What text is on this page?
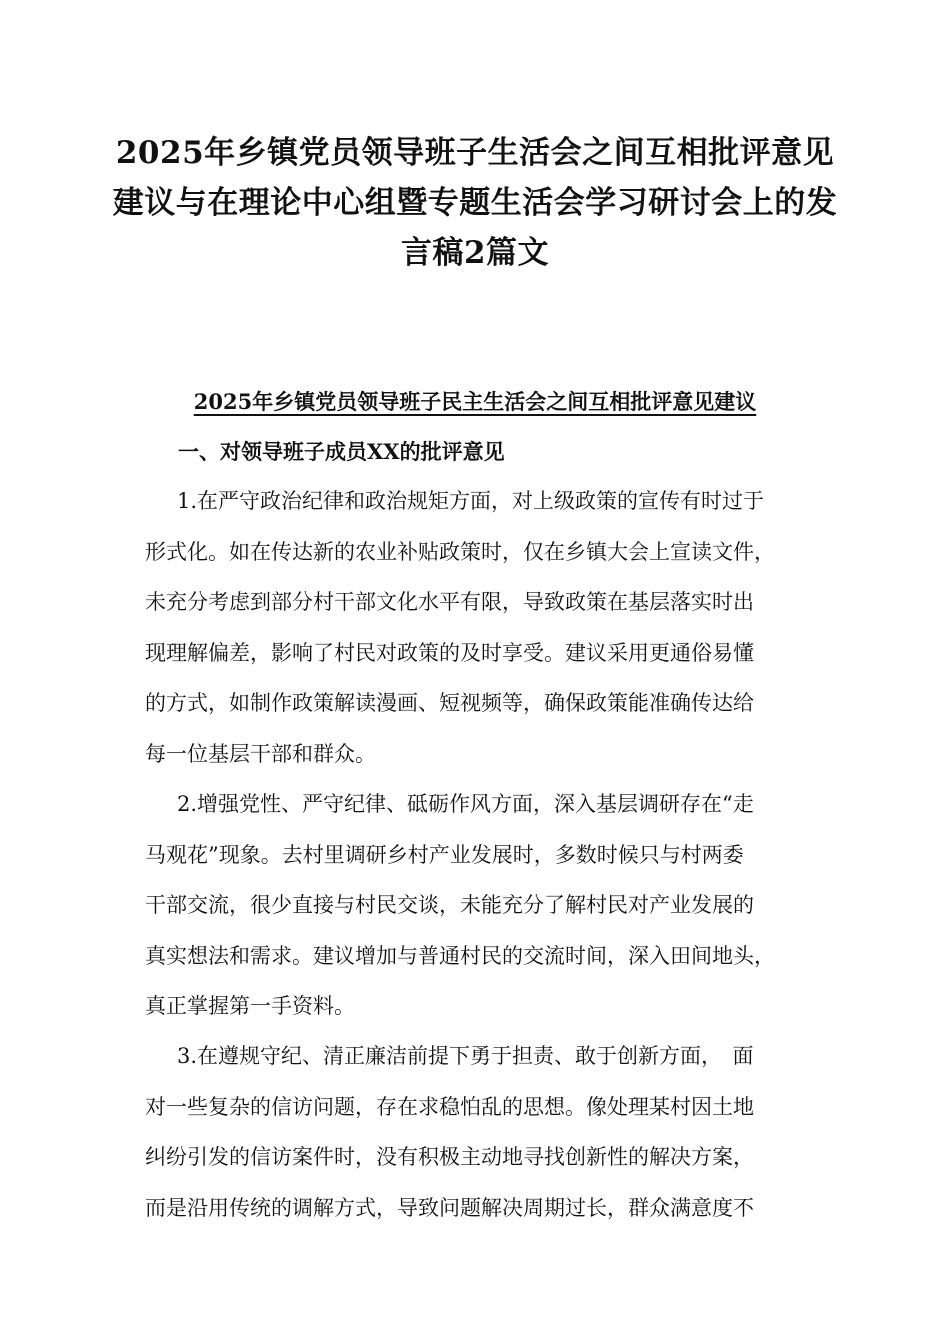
2025年乡镇党员领导班子生活会之间互相批评意见
建议与在理论中心组暨专题生活会学习研讨会上的发
言稿2篇文
2025年乡镇党员领导班子民主生活会之间互相批评意见建议
一、对领导班子成员XX的批评意见

1.在严守政治纪律和政治规矩方面，对上级政策的宣传有时过于
形式化。如在传达新的农业补贴政策时，仅在乡镇大会上宣读文件，
未充分考虑到部分村干部文化水平有限，导致政策在基层落实时出
现理解偏差，影响了村民对政策的及时享受。建议采用更通俗易懂
的方式，如制作政策解读漫画、短视频等，确保政策能准确传达给
每一位基层干部和群众。

2.增强党性、严守纪律、砥砺作风方面，深入基层调研存在“走
马观花”现象。去村里调研乡村产业发展时，多数时候只与村两委
干部交流，很少直接与村民交谈，未能充分了解村民对产业发展的
真实想法和需求。建议增加与普通村民的交流时间，深入田间地头，
真正掌握第一手资料。

3.在遵规守纪、清正廉洁前提下勇于担责、敢于创新方面，　面
对一些复杂的信访问题，存在求稳怕乱的思想。像处理某村因土地
纠纷引发的信访案件时，没有积极主动地寻找创新性的解决方案，
而是沿用传统的调解方式，导致问题解决周期过长，群众满意度不
